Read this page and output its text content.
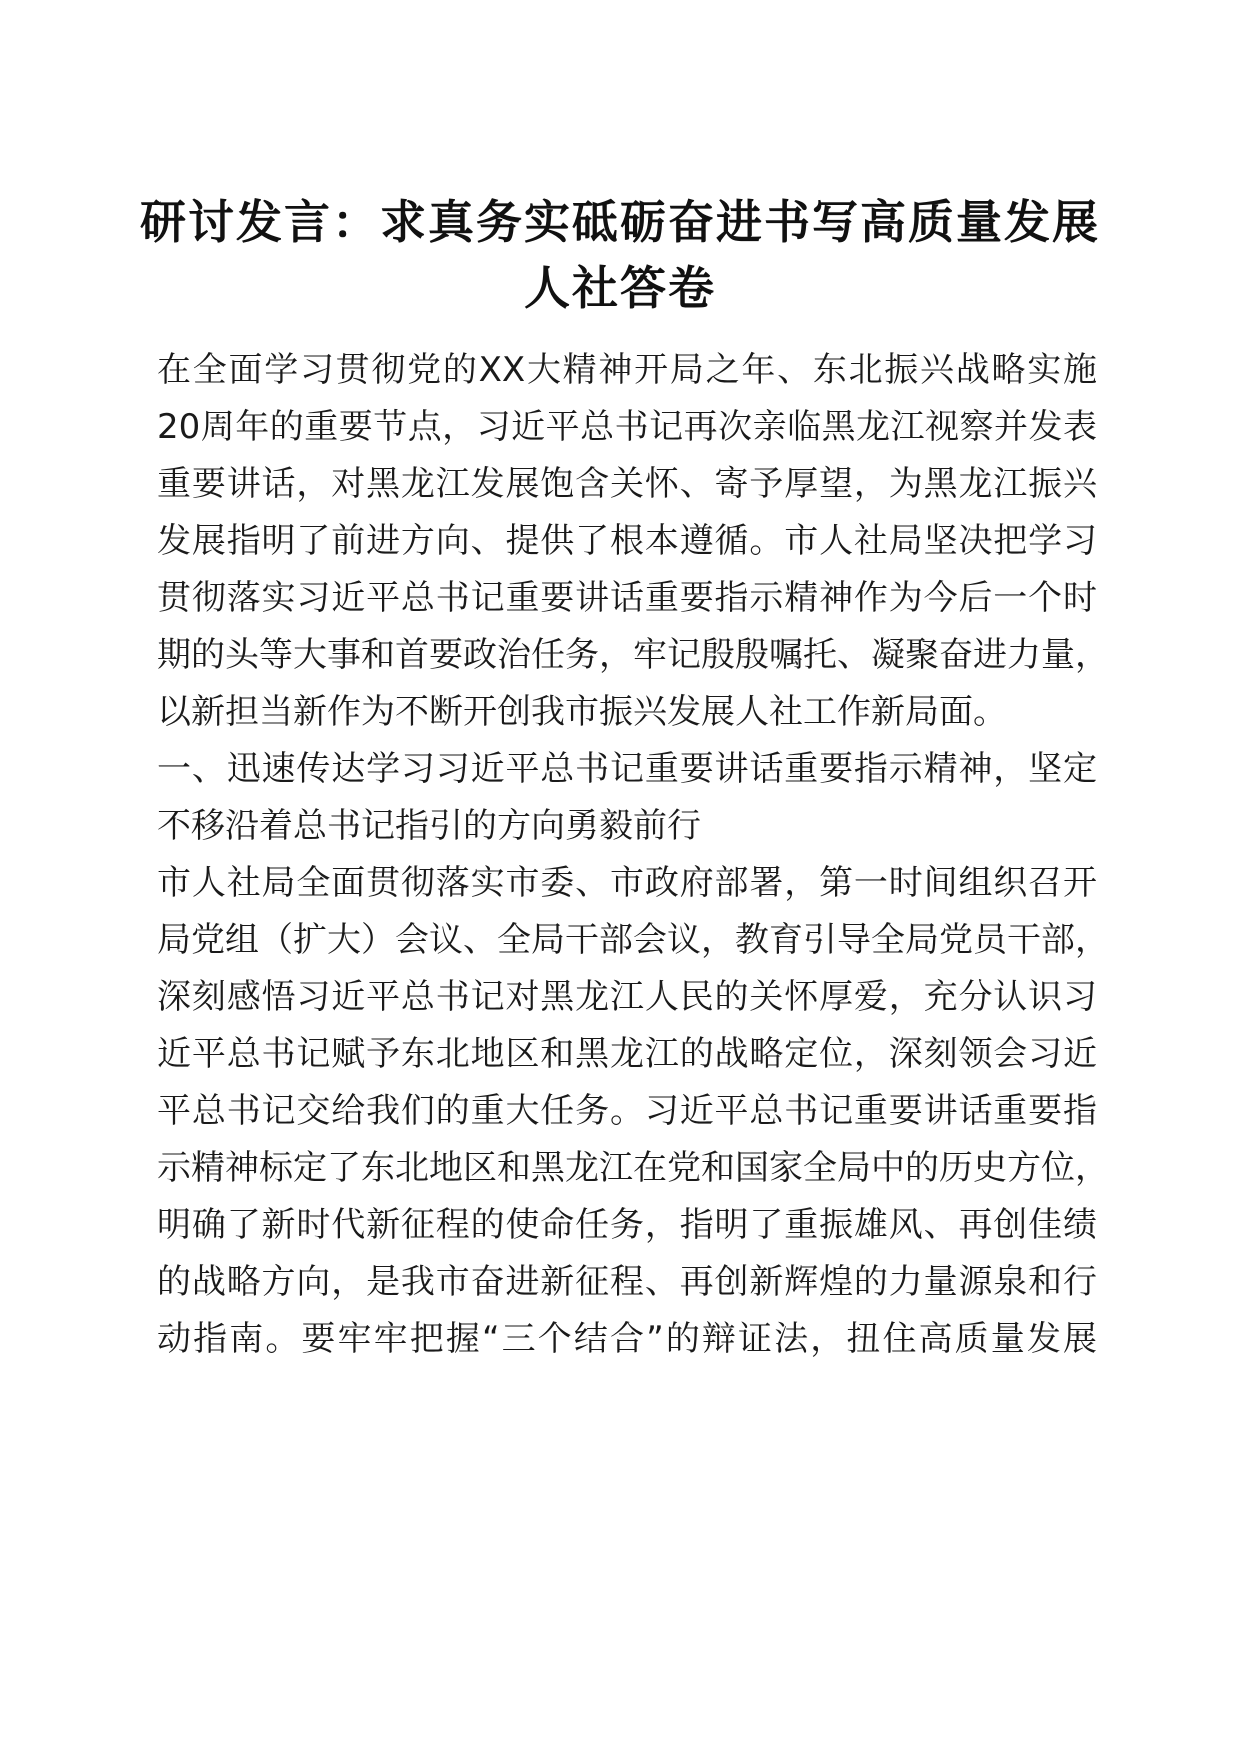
研讨发言：求真务实砥砺奋进书写高质量发展
人社答卷

在全面学习贯彻党的XX大精神开局之年、东北振兴战略实施

20周年的重要节点，习近平总书记再次亲临黑龙江视察并发表

重要讲话，对黑龙江发展饱含关怀、寄予厚望，为黑龙江振兴

发展指明了前进方向、提供了根本遵循。市人社局坚决把学习

贯彻落实习近平总书记重要讲话重要指示精神作为今后一个时

期的头等大事和首要政治任务，牢记殷殷嘱托、凝聚奋进力量，

以新担当新作为不断开创我市振兴发展人社工作新局面。

一、迅速传达学习习近平总书记重要讲话重要指示精神，坚定

不移沿着总书记指引的方向勇毅前行

市人社局全面贯彻落实市委、市政府部署，第一时间组织召开

局党组（扩大）会议、全局干部会议，教育引导全局党员干部，

深刻感悟习近平总书记对黑龙江人民的关怀厚爱，充分认识习

近平总书记赋予东北地区和黑龙江的战略定位，深刻领会习近

平总书记交给我们的重大任务。习近平总书记重要讲话重要指

示精神标定了东北地区和黑龙江在党和国家全局中的历史方位，

明确了新时代新征程的使命任务，指明了重振雄风、再创佳绩

的战略方向，是我市奋进新征程、再创新辉煌的力量源泉和行

动指南。要牢牢把握“三个结合”的辩证法，扭住高质量发展
